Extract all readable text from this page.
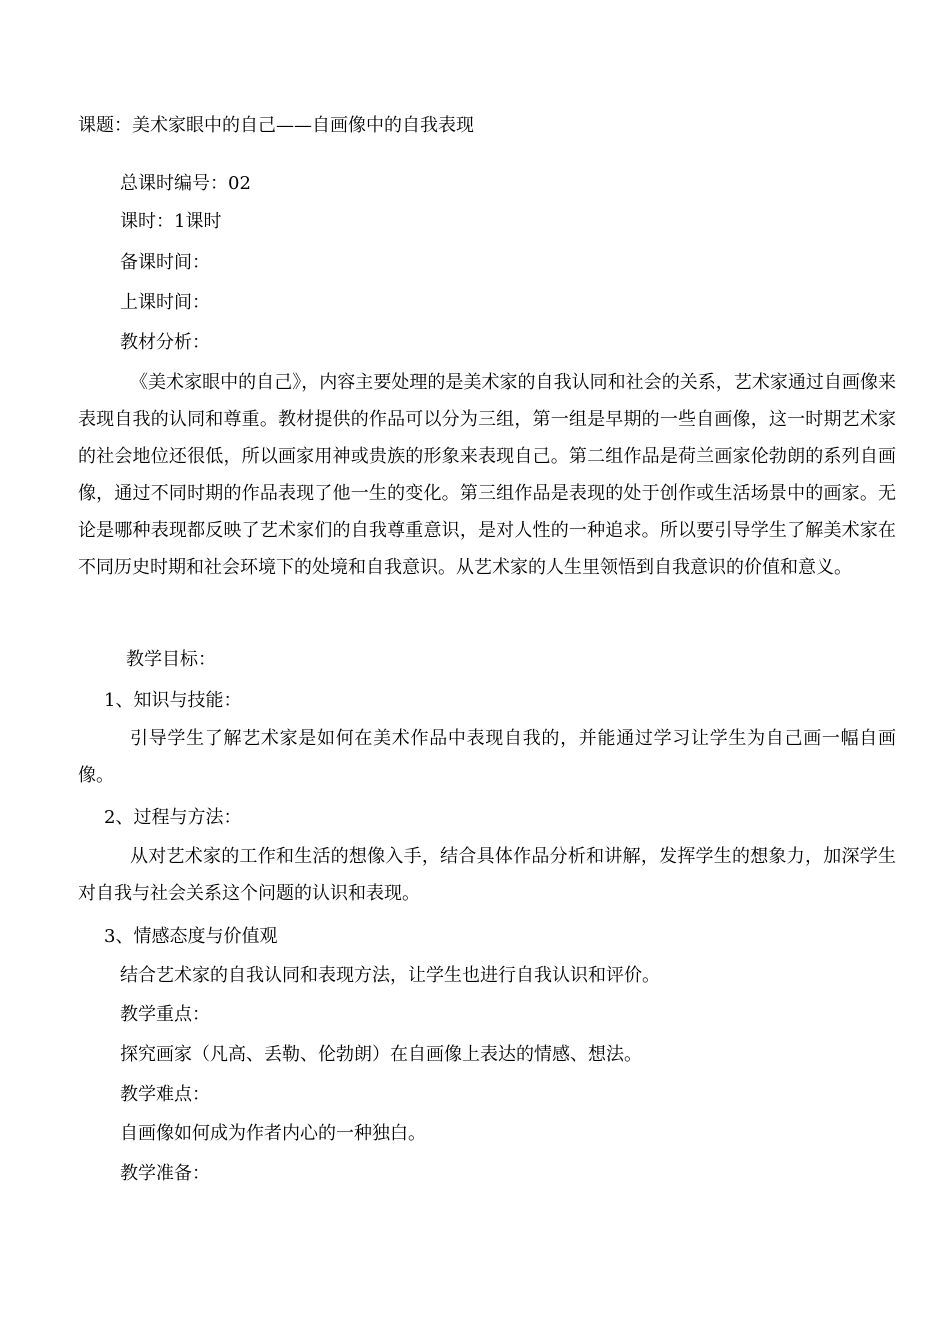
课题：美术家眼中的自己——自画像中的自我表现
总课时编号：02
课时：1课时
备课时间：
上课时间：
教材分析：
《美术家眼中的自己》，内容主要处理的是美术家的自我认同和社会的关系，艺术家通过自画像来表现自我的认同和尊重。教材提供的作品可以分为三组，第一组是早期的一些自画像，这一时期艺术家的社会地位还很低，所以画家用神或贵族的形象来表现自己。第二组作品是荷兰画家伦勃朗的系列自画像，通过不同时期的作品表现了他一生的变化。第三组作品是表现的处于创作或生活场景中的画家。无论是哪种表现都反映了艺术家们的自我尊重意识，是对人性的一种追求。所以要引导学生了解美术家在不同历史时期和社会环境下的处境和自我意识。从艺术家的人生里领悟到自我意识的价值和意义。
教学目标：
1、知识与技能：
引导学生了解艺术家是如何在美术作品中表现自我的，并能通过学习让学生为自己画一幅自画像。
2、过程与方法：
从对艺术家的工作和生活的想像入手，结合具体作品分析和讲解，发挥学生的想象力，加深学生对自我与社会关系这个问题的认识和表现。
3、情感态度与价值观
结合艺术家的自我认同和表现方法，让学生也进行自我认识和评价。
教学重点：
探究画家（凡高、丢勒、伦勃朗）在自画像上表达的情感、想法。
教学难点：
自画像如何成为作者内心的一种独白。
教学准备：
